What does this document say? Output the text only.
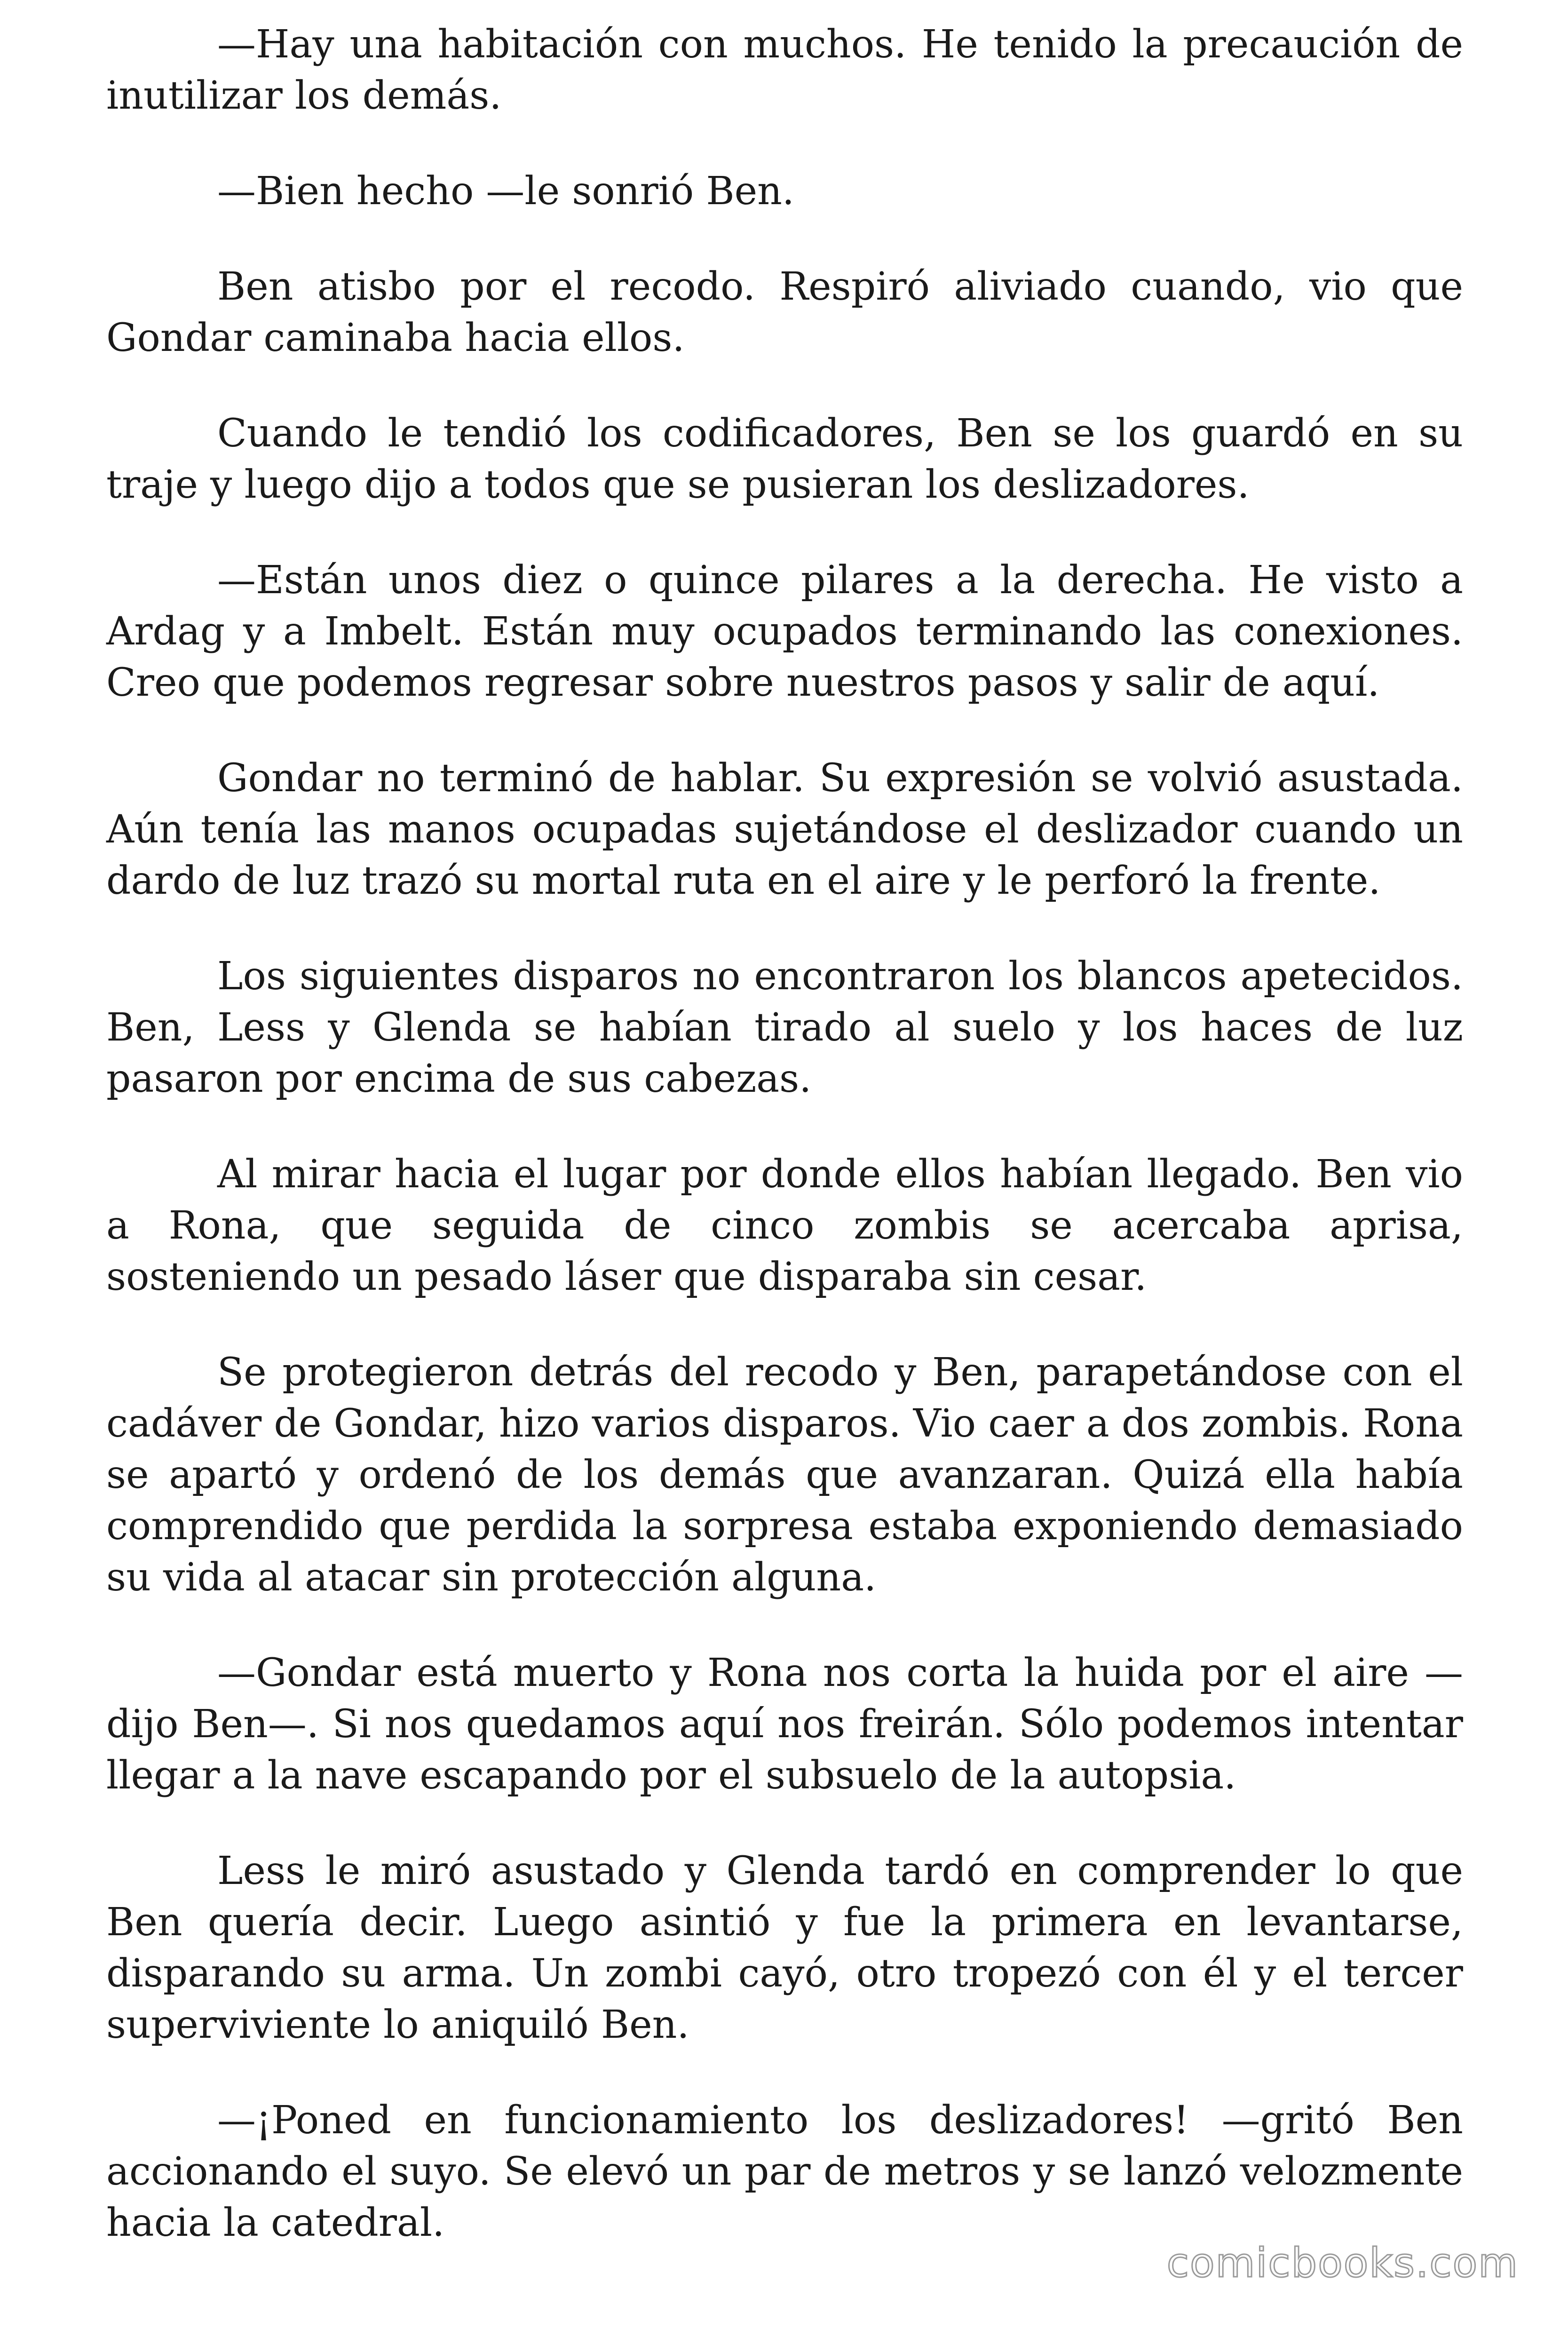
—Hay una habitación con muchos. He tenido la precaución de inutilizar los demás.

—Bien hecho —le sonrió Ben.

Ben atisbo por el recodo. Respiró aliviado cuando, vio que Gondar caminaba hacia ellos.

Cuando le tendió los codificadores, Ben se los guardó en su traje y luego dijo a todos que se pusieran los deslizadores.

—Están unos diez o quince pilares a la derecha. He visto a Ardag y a Imbelt. Están muy ocupados terminando las conexiones. Creo que podemos regresar sobre nuestros pasos y salir de aquí.

Gondar no terminó de hablar. Su expresión se volvió asustada. Aún tenía las manos ocupadas sujetándose el deslizador cuando un dardo de luz trazó su mortal ruta en el aire y le perforó la frente.

Los siguientes disparos no encontraron los blancos apetecidos. Ben, Less y Glenda se habían tirado al suelo y los haces de luz pasaron por encima de sus cabezas.

Al mirar hacia el lugar por donde ellos habían llegado. Ben vio a Rona, que seguida de cinco zombis se acercaba aprisa, sosteniendo un pesado láser que disparaba sin cesar.

Se protegieron detrás del recodo y Ben, parapetándose con el cadáver de Gondar, hizo varios disparos. Vio caer a dos zombis. Rona se apartó y ordenó de los demás que avanzaran. Quizá ella había comprendido que perdida la sorpresa estaba exponiendo demasiado su vida al atacar sin protección alguna.

—Gondar está muerto y Rona nos corta la huida por el aire — dijo Ben—. Si nos quedamos aquí nos freirán. Sólo podemos intentar llegar a la nave escapando por el subsuelo de la autopsia.

Less le miró asustado y Glenda tardó en comprender lo que Ben quería decir. Luego asintió y fue la primera en levantarse, disparando su arma. Un zombi cayó, otro tropezó con él y el tercer superviviente lo aniquiló Ben.

—¡Poned en funcionamiento los deslizadores! —gritó Ben accionando el suyo. Se elevó un par de metros y se lanzó velozmente hacia la catedral.

comicbooks.com
